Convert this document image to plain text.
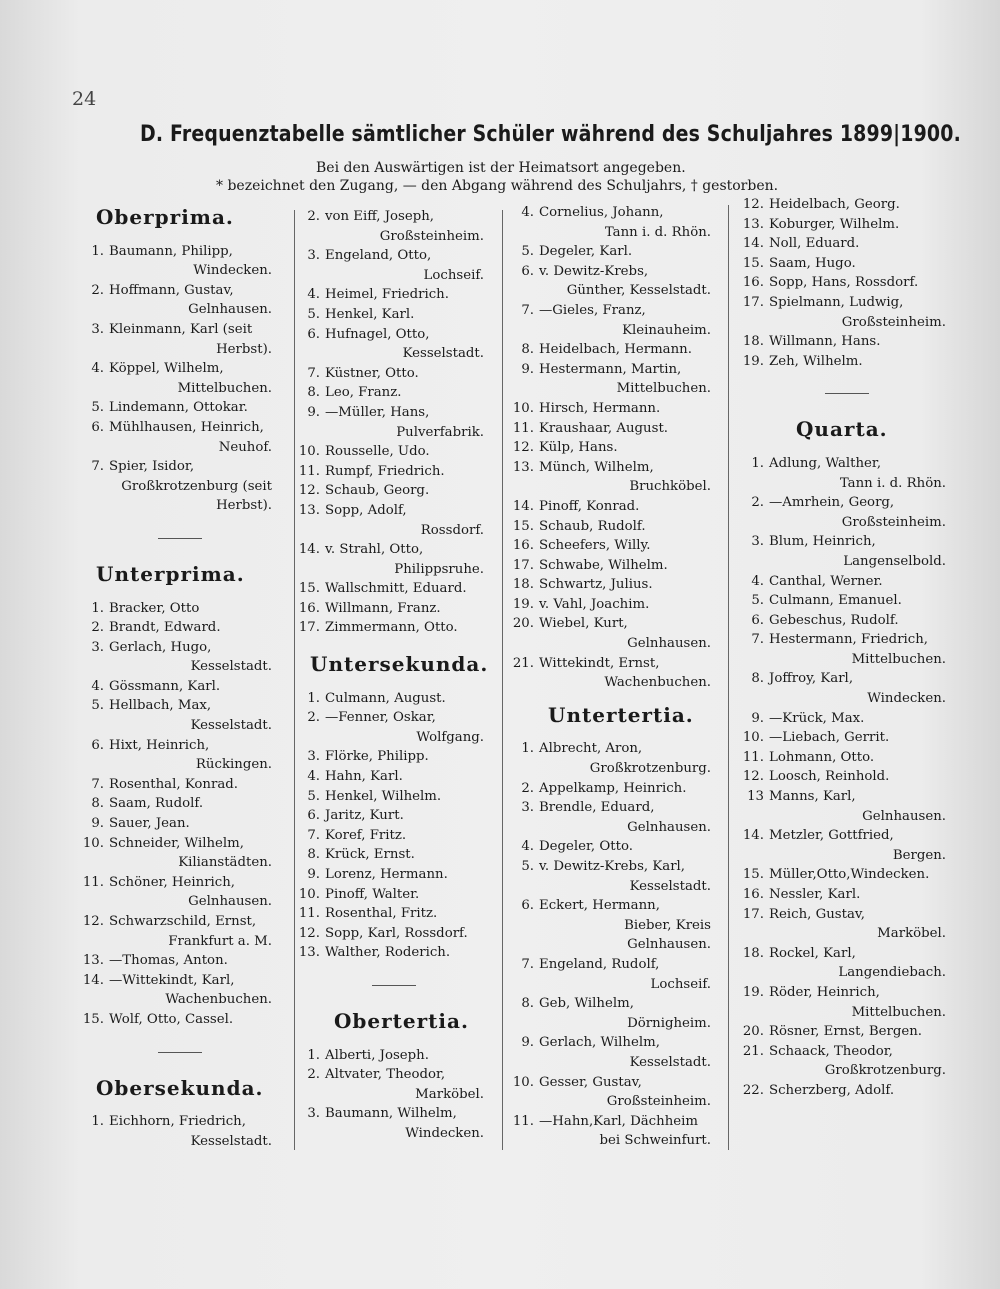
24
D. Frequenztabelle sämtlicher Schüler während des Schuljahres 1899|1900.
Bei den Auswärtigen ist der Heimatsort angegeben.
* bezeichnet den Zugang, — den Abgang während des Schuljahrs, † gestorben.
Oberprima.
1. Baumann, Philipp,
Windecken.
2. Hoffmann, Gustav,
Gelnhausen.
3. Kleinmann, Karl (seit
Herbst).
4. Köppel, Wilhelm,
Mittelbuchen.
5. Lindemann, Ottokar.
6. Mühlhausen, Heinrich,
Neuhof.
7. Spier, Isidor,
Großkrotzenburg (seit Herbst).
Unterprima.
1. Bracker, Otto
2. Brandt, Edward.
3. Gerlach, Hugo,
Kesselstadt.
4. Gössmann, Karl.
5. Hellbach, Max,
Kesselstadt.
6. Hixt, Heinrich,
Rückingen.
7. Rosenthal, Konrad.
8. Saam, Rudolf.
9. Sauer, Jean.
10. Schneider, Wilhelm,
Kilianstädten.
11. Schöner, Heinrich,
Gelnhausen.
12. Schwarzschild, Ernst,
Frankfurt a. M.
13. —Thomas, Anton.
14. —Wittekindt, Karl,
Wachenbuchen.
15. Wolf, Otto, Cassel.
Obersekunda.
1. Eichhorn, Friedrich,
Kesselstadt.
2. von Eiff, Joseph,
Großsteinheim.
3. Engeland, Otto,
Lochseif.
4. Heimel, Friedrich.
5. Henkel, Karl.
6. Hufnagel, Otto,
Kesselstadt.
7. Küstner, Otto.
8. Leo, Franz.
9. —Müller, Hans,
Pulverfabrik.
10. Rousselle, Udo.
11. Rumpf, Friedrich.
12. Schaub, Georg.
13. Sopp, Adolf,
Rossdorf.
14. v. Strahl, Otto,
Philippsruhe.
15. Wallschmitt, Eduard.
16. Willmann, Franz.
17. Zimmermann, Otto.
Untersekunda.
1. Culmann, August.
2. —Fenner, Oskar,
Wolfgang.
3. Flörke, Philipp.
4. Hahn, Karl.
5. Henkel, Wilhelm.
6. Jaritz, Kurt.
7. Koref, Fritz.
8. Krück, Ernst.
9. Lorenz, Hermann.
10. Pinoff, Walter.
11. Rosenthal, Fritz.
12. Sopp, Karl, Rossdorf.
13. Walther, Roderich.
Obertertia.
1. Alberti, Joseph.
2. Altvater, Theodor,
Marköbel.
3. Baumann, Wilhelm,
Windecken.
4. Cornelius, Johann,
Tann i. d. Rhön.
5. Degeler, Karl.
6. v. Dewitz-Krebs,
Günther, Kesselstadt.
7. —Gieles, Franz,
Kleinauheim.
8. Heidelbach, Hermann.
9. Hestermann, Martin,
Mittelbuchen.
10. Hirsch, Hermann.
11. Kraushaar, August.
12. Külp, Hans.
13. Münch, Wilhelm,
Bruchköbel.
14. Pinoff, Konrad.
15. Schaub, Rudolf.
16. Scheefers, Willy.
17. Schwabe, Wilhelm.
18. Schwartz, Julius.
19. v. Vahl, Joachim.
20. Wiebel, Kurt,
Gelnhausen.
21. Wittekindt, Ernst,
Wachenbuchen.
Untertertia.
1. Albrecht, Aron,
Großkrotzenburg.
2. Appelkamp, Heinrich.
3. Brendle, Eduard,
Gelnhausen.
4. Degeler, Otto.
5. v. Dewitz-Krebs, Karl,
Kesselstadt.
6. Eckert, Hermann,
Bieber, Kreis Gelnhausen.
7. Engeland, Rudolf,
Lochseif.
8. Geb, Wilhelm,
Dörnigheim.
9. Gerlach, Wilhelm,
Kesselstadt.
10. Gesser, Gustav,
Großsteinheim.
11. —Hahn,Karl, Dächheim
bei Schweinfurt.
12. Heidelbach, Georg.
13. Koburger, Wilhelm.
14. Noll, Eduard.
15. Saam, Hugo.
16. Sopp, Hans, Rossdorf.
17. Spielmann, Ludwig,
Großsteinheim.
18. Willmann, Hans.
19. Zeh, Wilhelm.
Quarta.
1. Adlung, Walther,
Tann i. d. Rhön.
2. —Amrhein, Georg,
Großsteinheim.
3. Blum, Heinrich,
Langenselbold.
4. Canthal, Werner.
5. Culmann, Emanuel.
6. Gebeschus, Rudolf.
7. Hestermann, Friedrich,
Mittelbuchen.
8. Joffroy, Karl,
Windecken.
9. —Krück, Max.
10. —Liebach, Gerrit.
11. Lohmann, Otto.
12. Loosch, Reinhold.
13 Manns, Karl,
Gelnhausen.
14. Metzler, Gottfried,
Bergen.
15. Müller,Otto,Windecken.
16. Nessler, Karl.
17. Reich, Gustav,
Marköbel.
18. Rockel, Karl,
Langendiebach.
19. Röder, Heinrich,
Mittelbuchen.
20. Rösner, Ernst, Bergen.
21. Schaack, Theodor,
Großkrotzenburg.
22. Scherzberg, Adolf.
